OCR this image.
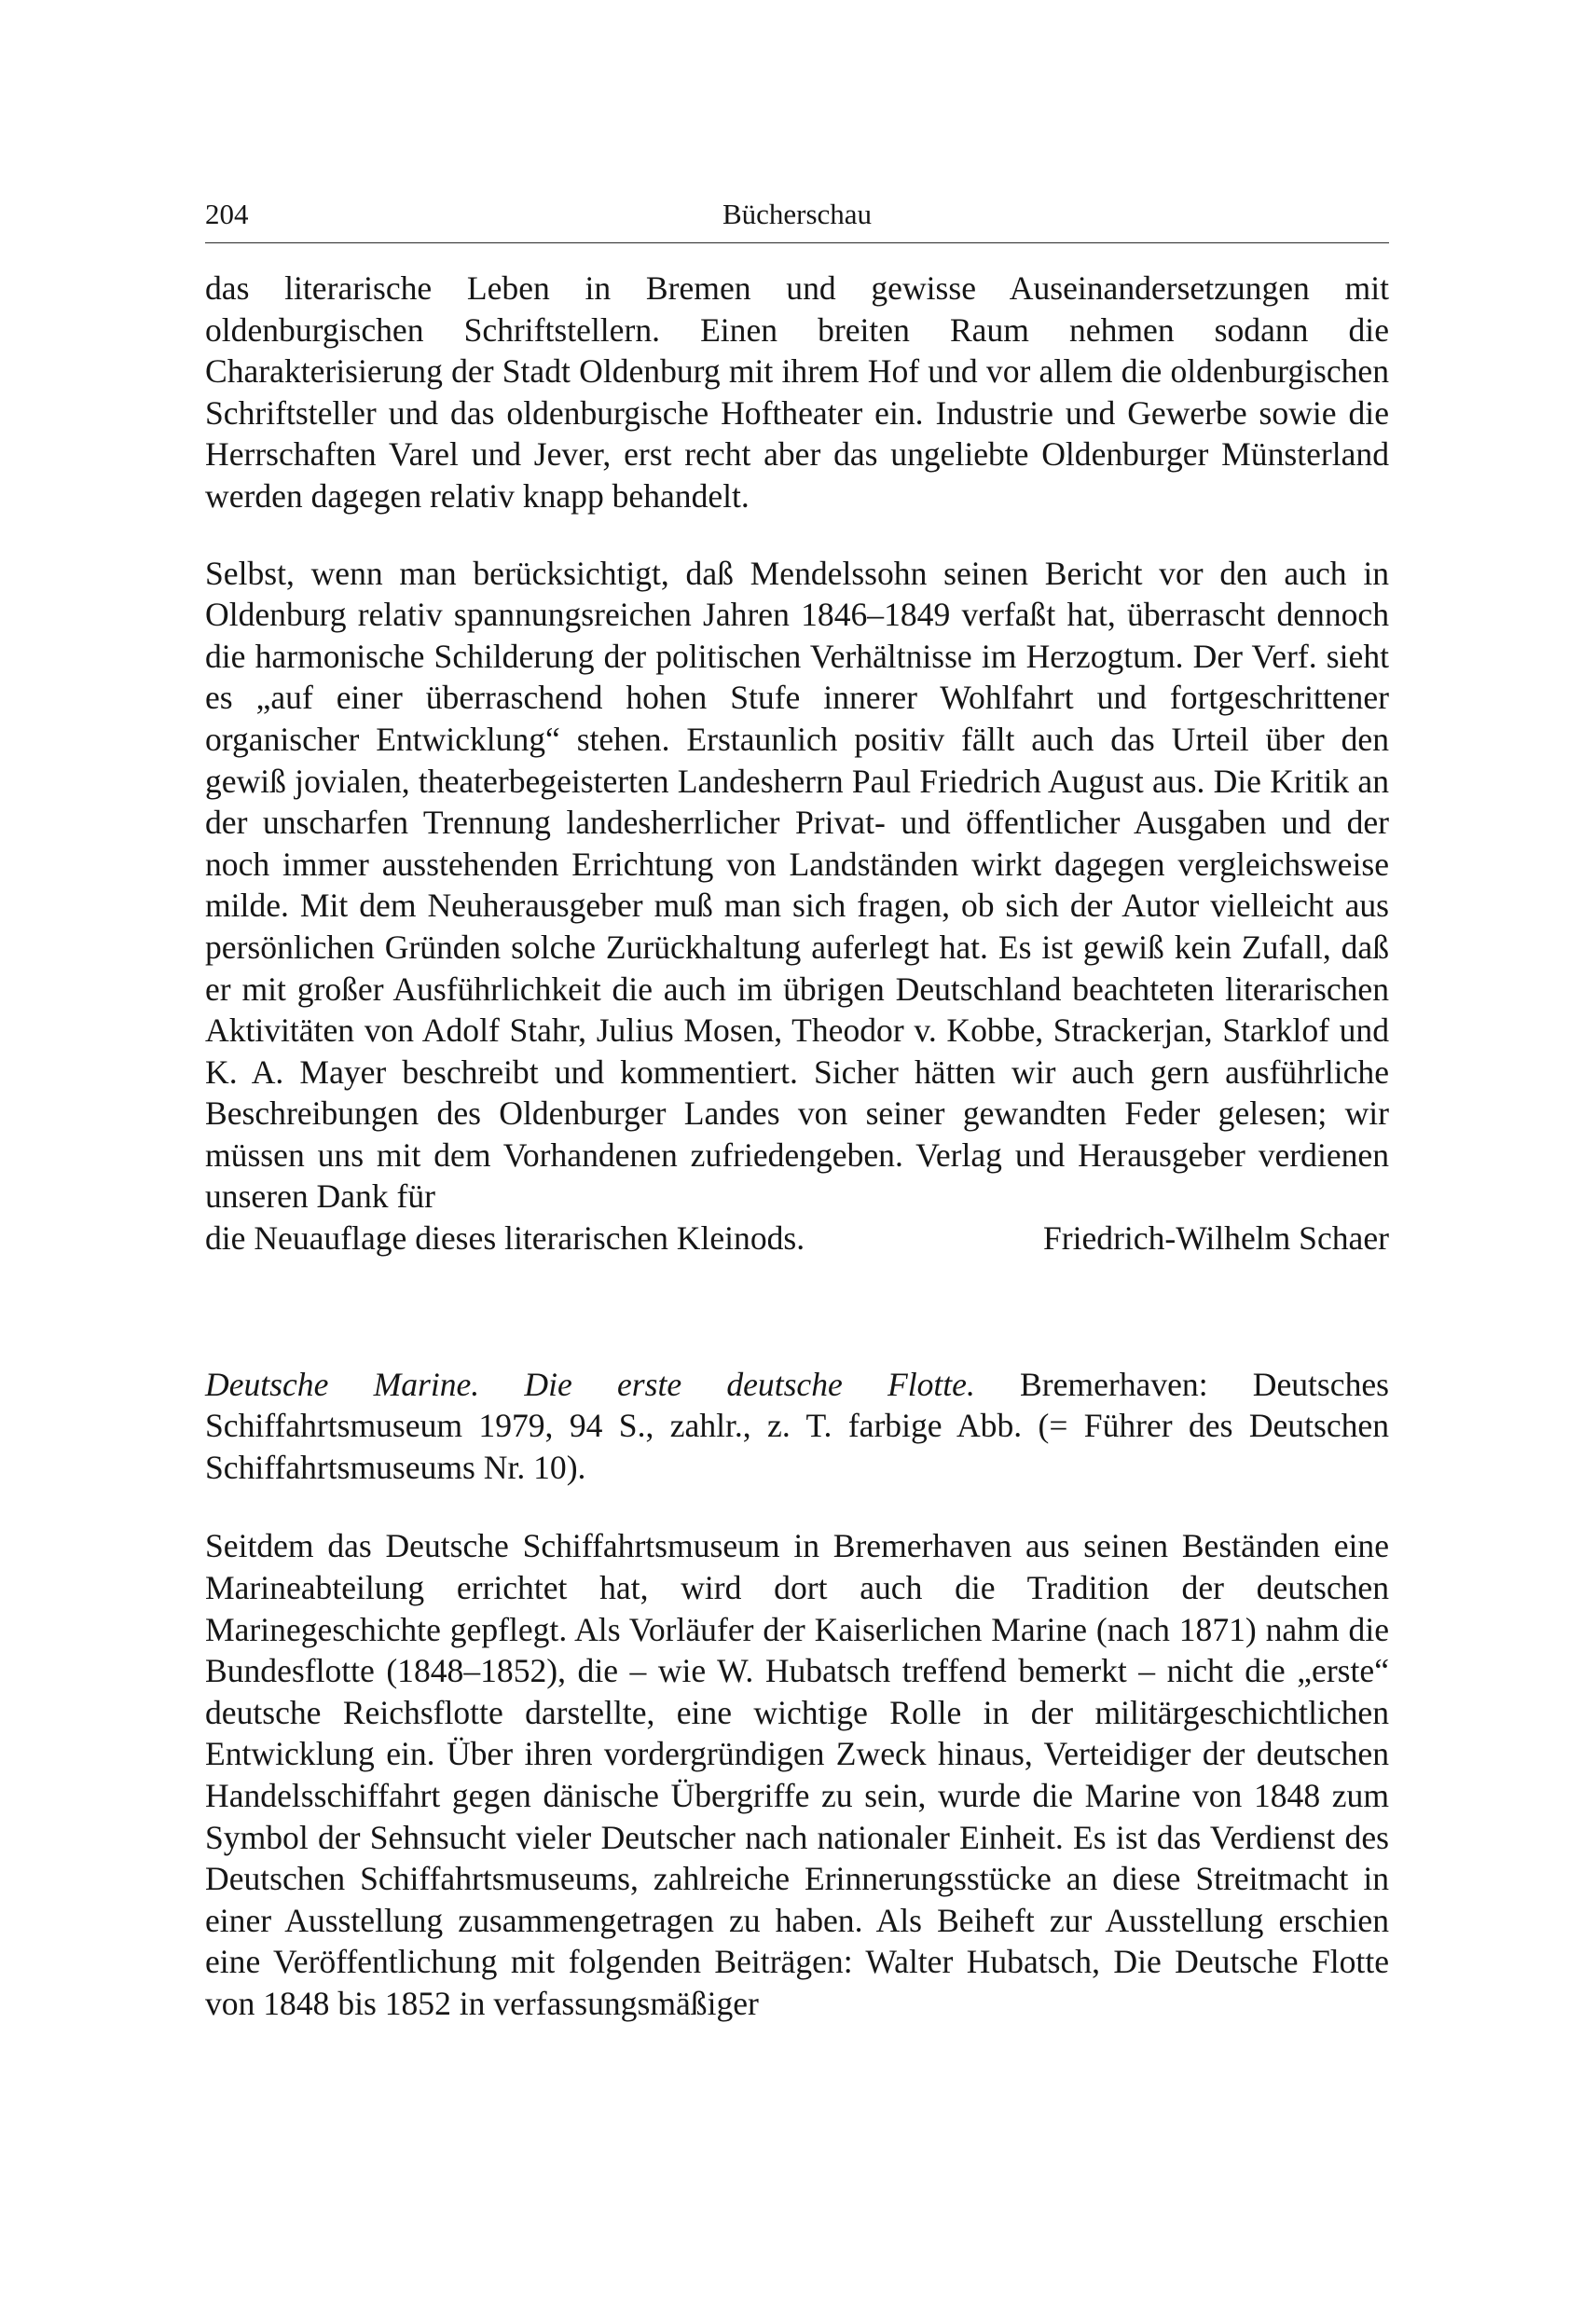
204	Bücherschau

das literarische Leben in Bremen und gewisse Auseinandersetzungen mit oldenburgischen Schriftstellern. Einen breiten Raum nehmen sodann die Charakterisierung der Stadt Oldenburg mit ihrem Hof und vor allem die oldenburgischen Schriftsteller und das oldenburgische Hoftheater ein. Industrie und Gewerbe sowie die Herrschaften Varel und Jever, erst recht aber das ungeliebte Oldenburger Münsterland werden dagegen relativ knapp behandelt.

Selbst, wenn man berücksichtigt, daß Mendelssohn seinen Bericht vor den auch in Oldenburg relativ spannungsreichen Jahren 1846–1849 verfaßt hat, überrascht dennoch die harmonische Schilderung der politischen Verhältnisse im Herzogtum. Der Verf. sieht es „auf einer überraschend hohen Stufe innerer Wohlfahrt und fortgeschrittener organischer Entwicklung“ stehen. Erstaunlich positiv fällt auch das Urteil über den gewiß jovialen, theaterbegeisterten Landesherrn Paul Friedrich August aus. Die Kritik an der unscharfen Trennung landesherrlicher Privat- und öffentlicher Ausgaben und der noch immer ausstehenden Errichtung von Landständen wirkt dagegen vergleichsweise milde. Mit dem Neuherausgeber muß man sich fragen, ob sich der Autor vielleicht aus persönlichen Gründen solche Zurückhaltung auferlegt hat. Es ist gewiß kein Zufall, daß er mit großer Ausführlichkeit die auch im übrigen Deutschland beachteten literarischen Aktivitäten von Adolf Stahr, Julius Mosen, Theodor v. Kobbe, Strackerjan, Starklof und K. A. Mayer beschreibt und kommentiert. Sicher hätten wir auch gern ausführliche Beschreibungen des Oldenburger Landes von seiner gewandten Feder gelesen; wir müssen uns mit dem Vorhandenen zufriedengeben. Verlag und Herausgeber verdienen unseren Dank für

die Neuauflage dieses literarischen Kleinods.	Friedrich-Wilhelm Schaer

Deutsche Marine. Die erste deutsche Flotte. Bremerhaven: Deutsches Schiffahrtsmuseum 1979, 94 S., zahlr., z. T. farbige Abb. (= Führer des Deutschen Schiffahrtsmuseums Nr. 10).

Seitdem das Deutsche Schiffahrtsmuseum in Bremerhaven aus seinen Beständen eine Marineabteilung errichtet hat, wird dort auch die Tradition der deutschen Marinegeschichte gepflegt. Als Vorläufer der Kaiserlichen Marine (nach 1871) nahm die Bundesflotte (1848–1852), die – wie W. Hubatsch treffend bemerkt – nicht die „erste“ deutsche Reichsflotte darstellte, eine wichtige Rolle in der militärgeschichtlichen Entwicklung ein. Über ihren vordergründigen Zweck hinaus, Verteidiger der deutschen Handelsschiffahrt gegen dänische Übergriffe zu sein, wurde die Marine von 1848 zum Symbol der Sehnsucht vieler Deutscher nach nationaler Einheit. Es ist das Verdienst des Deutschen Schiffahrtsmuseums, zahlreiche Erinnerungsstücke an diese Streitmacht in einer Ausstellung zusammengetragen zu haben. Als Beiheft zur Ausstellung erschien eine Veröffentlichung mit folgenden Beiträgen: Walter Hubatsch, Die Deutsche Flotte von 1848 bis 1852 in verfassungsmäßiger
